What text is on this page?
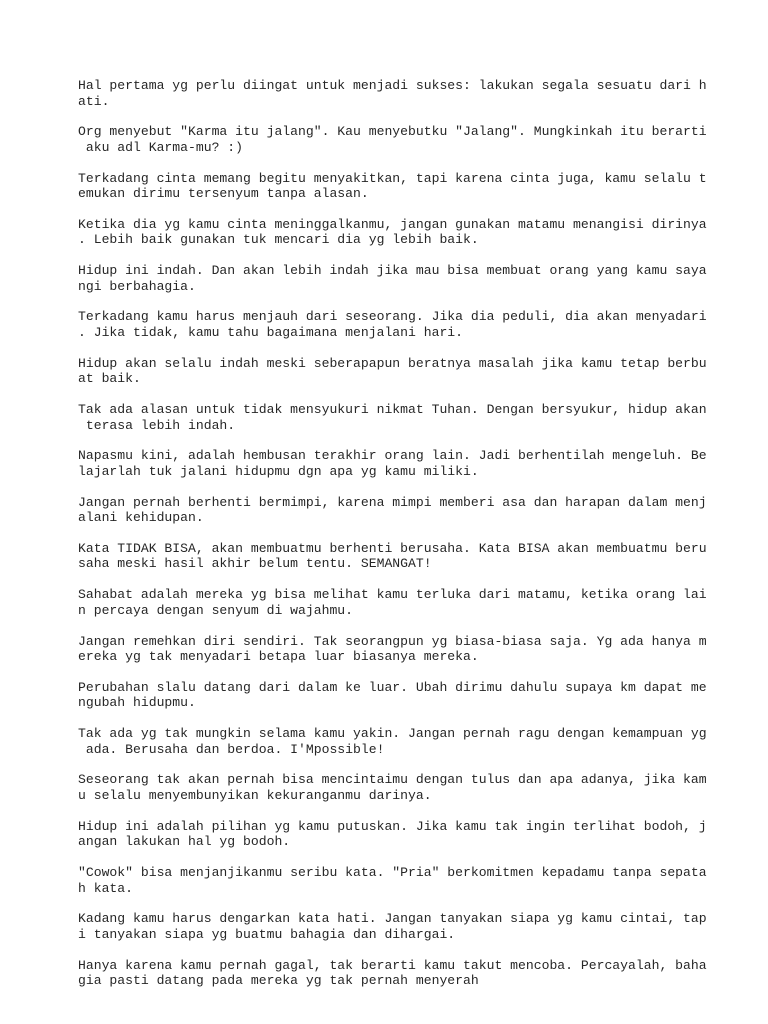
Hal pertama yg perlu diingat untuk menjadi sukses: lakukan segala sesuatu dari h
ati.
Org menyebut "Karma itu jalang". Kau menyebutku "Jalang". Mungkinkah itu berarti
aku adl Karma-mu? :)
Terkadang cinta memang begitu menyakitkan, tapi karena cinta juga, kamu selalu t
emukan dirimu tersenyum tanpa alasan.
Ketika dia yg kamu cinta meninggalkanmu, jangan gunakan matamu menangisi dirinya
. Lebih baik gunakan tuk mencari dia yg lebih baik.
Hidup ini indah. Dan akan lebih indah jika mau bisa membuat orang yang kamu saya
ngi berbahagia.
Terkadang kamu harus menjauh dari seseorang. Jika dia peduli, dia akan menyadari
. Jika tidak, kamu tahu bagaimana menjalani hari.
Hidup akan selalu indah meski seberapapun beratnya masalah jika kamu tetap berbu
at baik.
Tak ada alasan untuk tidak mensyukuri nikmat Tuhan. Dengan bersyukur, hidup akan
terasa lebih indah.
Napasmu kini, adalah hembusan terakhir orang lain. Jadi berhentilah mengeluh. Be
lajarlah tuk jalani hidupmu dgn apa yg kamu miliki.
Jangan pernah berhenti bermimpi, karena mimpi memberi asa dan harapan dalam menj
alani kehidupan.
Kata TIDAK BISA, akan membuatmu berhenti berusaha. Kata BISA akan membuatmu beru
saha meski hasil akhir belum tentu. SEMANGAT!
Sahabat adalah mereka yg bisa melihat kamu terluka dari matamu, ketika orang lai
n percaya dengan senyum di wajahmu.
Jangan remehkan diri sendiri. Tak seorangpun yg biasa-biasa saja. Yg ada hanya m
ereka yg tak menyadari betapa luar biasanya mereka.
Perubahan slalu datang dari dalam ke luar. Ubah dirimu dahulu supaya km dapat me
ngubah hidupmu.
Tak ada yg tak mungkin selama kamu yakin. Jangan pernah ragu dengan kemampuan yg
ada. Berusaha dan berdoa. I'Mpossible!
Seseorang tak akan pernah bisa mencintaimu dengan tulus dan apa adanya, jika kam
u selalu menyembunyikan kekuranganmu darinya.
Hidup ini adalah pilihan yg kamu putuskan. Jika kamu tak ingin terlihat bodoh, j
angan lakukan hal yg bodoh.
"Cowok" bisa menjanjikanmu seribu kata. "Pria" berkomitmen kepadamu tanpa sepata
h kata.
Kadang kamu harus dengarkan kata hati. Jangan tanyakan siapa yg kamu cintai, tap
i tanyakan siapa yg buatmu bahagia dan dihargai.
Hanya karena kamu pernah gagal, tak berarti kamu takut mencoba. Percayalah, baha
gia pasti datang pada mereka yg tak pernah menyerah
